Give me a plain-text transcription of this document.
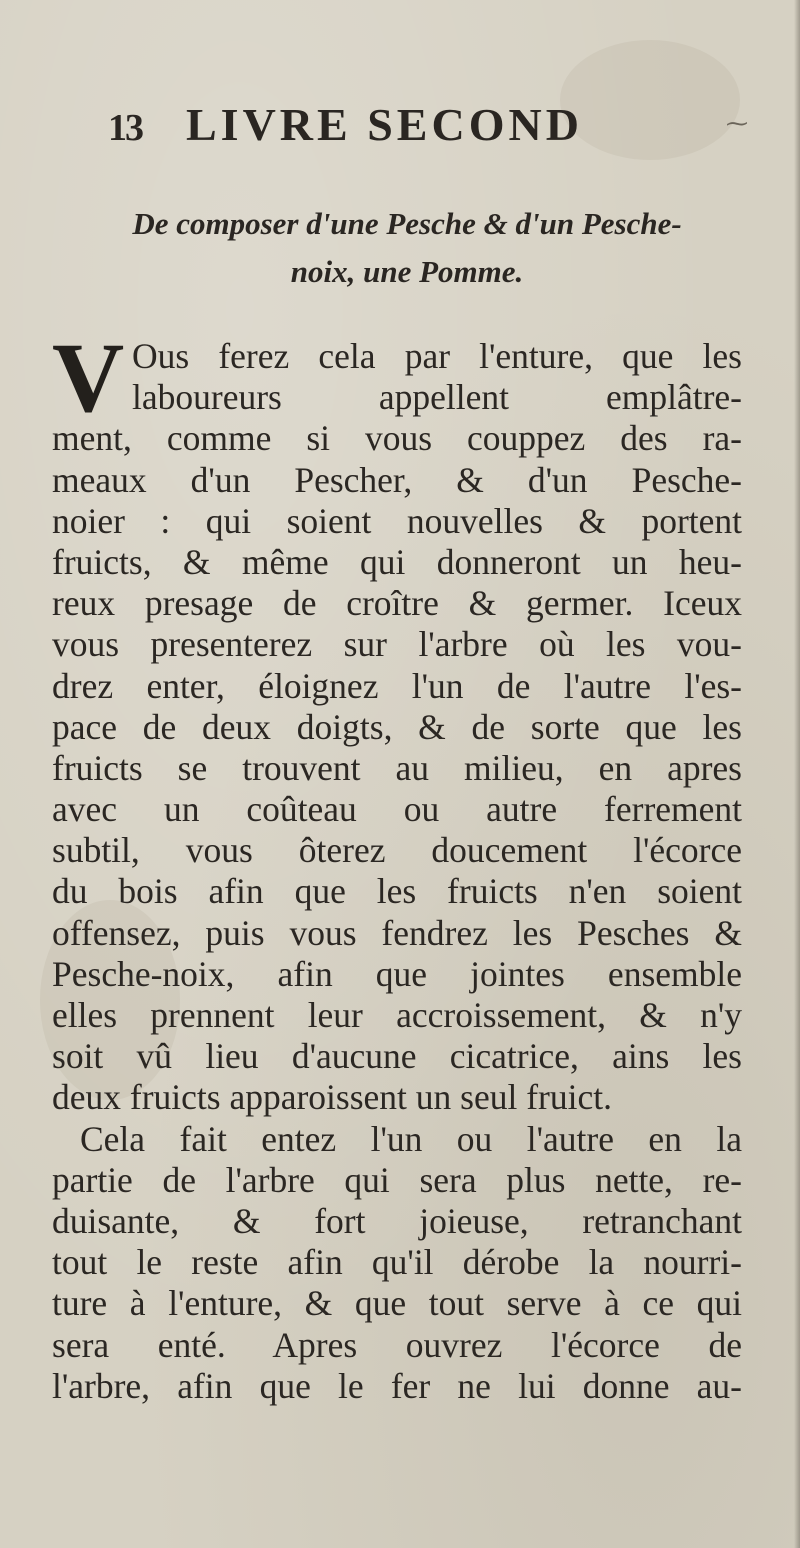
13 LIVRE SECOND	⁓
De composer d'une Pesche & d'un Pesche-
noix, une Pomme.
V Ous ferez cela par l'enture, que les
laboureurs appellent emplâtre-
ment, comme si vous couppez des ra-
meaux d'un Pescher, & d'un Pesche-
noier : qui soient nouvelles & portent
fruicts, & même qui donneront un heu-
reux presage de croître & germer. Iceux
vous presenterez sur l'arbre où les vou-
drez enter, éloignez l'un de l'autre l'es-
pace de deux doigts, & de sorte que les
fruicts se trouvent au milieu, en apres
avec un coûteau ou autre ferrement
subtil, vous ôterez doucement l'écorce
du bois afin que les fruicts n'en soient
offensez, puis vous fendrez les Pesches &
Pesche-noix, afin que jointes ensemble
elles prennent leur accroissement, & n'y
soit vû lieu d'aucune cicatrice, ains les
deux fruicts apparoissent un seul fruict.
Cela fait entez l'un ou l'autre en la
partie de l'arbre qui sera plus nette, re-
duisante, & fort joieuse, retranchant
tout le reste afin qu'il dérobe la nourri-
ture à l'enture, & que tout serve à ce qui
sera enté. Apres ouvrez l'écorce de
l'arbre, afin que le fer ne lui donne au-
